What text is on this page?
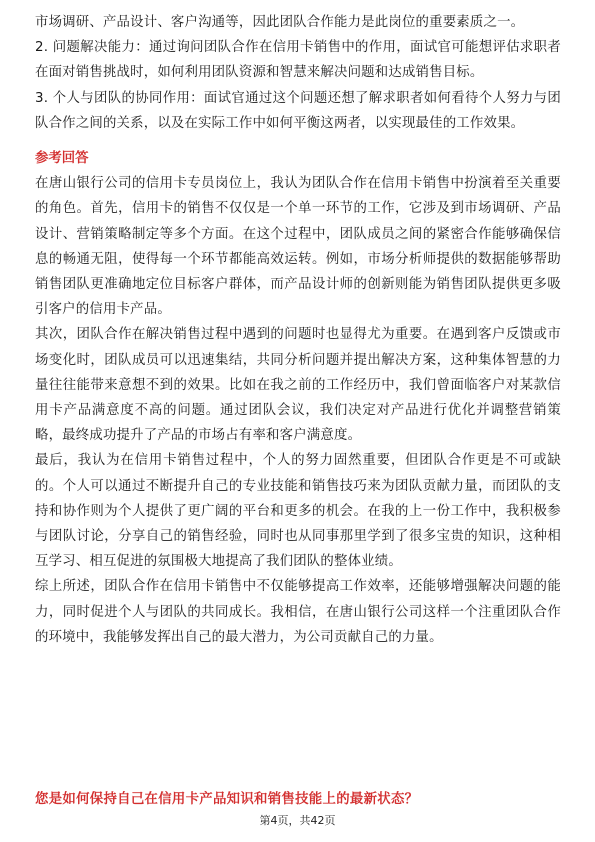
市场调研、产品设计、客户沟通等，因此团队合作能力是此岗位的重要素质之一。

2. 问题解决能力：通过询问团队合作在信用卡销售中的作用，面试官可能想评估求职者在面对销售挑战时，如何利用团队资源和智慧来解决问题和达成销售目标。

3. 个人与团队的协同作用：面试官通过这个问题还想了解求职者如何看待个人努力与团队合作之间的关系，以及在实际工作中如何平衡这两者，以实现最佳的工作效果。

参考回答

在唐山银行公司的信用卡专员岗位上，我认为团队合作在信用卡销售中扮演着至关重要的角色。首先，信用卡的销售不仅仅是一个单一环节的工作，它涉及到市场调研、产品设计、营销策略制定等多个方面。在这个过程中，团队成员之间的紧密合作能够确保信息的畅通无阻，使得每一个环节都能高效运转。例如，市场分析师提供的数据能够帮助销售团队更准确地定位目标客户群体，而产品设计师的创新则能为销售团队提供更多吸引客户的信用卡产品。

其次，团队合作在解决销售过程中遇到的问题时也显得尤为重要。在遇到客户反馈或市场变化时，团队成员可以迅速集结，共同分析问题并提出解决方案，这种集体智慧的力量往往能带来意想不到的效果。比如在我之前的工作经历中，我们曾面临客户对某款信用卡产品满意度不高的问题。通过团队会议，我们决定对产品进行优化并调整营销策略，最终成功提升了产品的市场占有率和客户满意度。

最后，我认为在信用卡销售过程中，个人的努力固然重要，但团队合作更是不可或缺的。个人可以通过不断提升自己的专业技能和销售技巧来为团队贡献力量，而团队的支持和协作则为个人提供了更广阔的平台和更多的机会。在我的上一份工作中，我积极参与团队讨论，分享自己的销售经验，同时也从同事那里学到了很多宝贵的知识，这种相互学习、相互促进的氛围极大地提高了我们团队的整体业绩。

综上所述，团队合作在信用卡销售中不仅能够提高工作效率，还能够增强解决问题的能力，同时促进个人与团队的共同成长。我相信，在唐山银行公司这样一个注重团队合作的环境中，我能够发挥出自己的最大潜力，为公司贡献自己的力量。

您是如何保持自己在信用卡产品知识和销售技能上的最新状态？

第4页，共42页
